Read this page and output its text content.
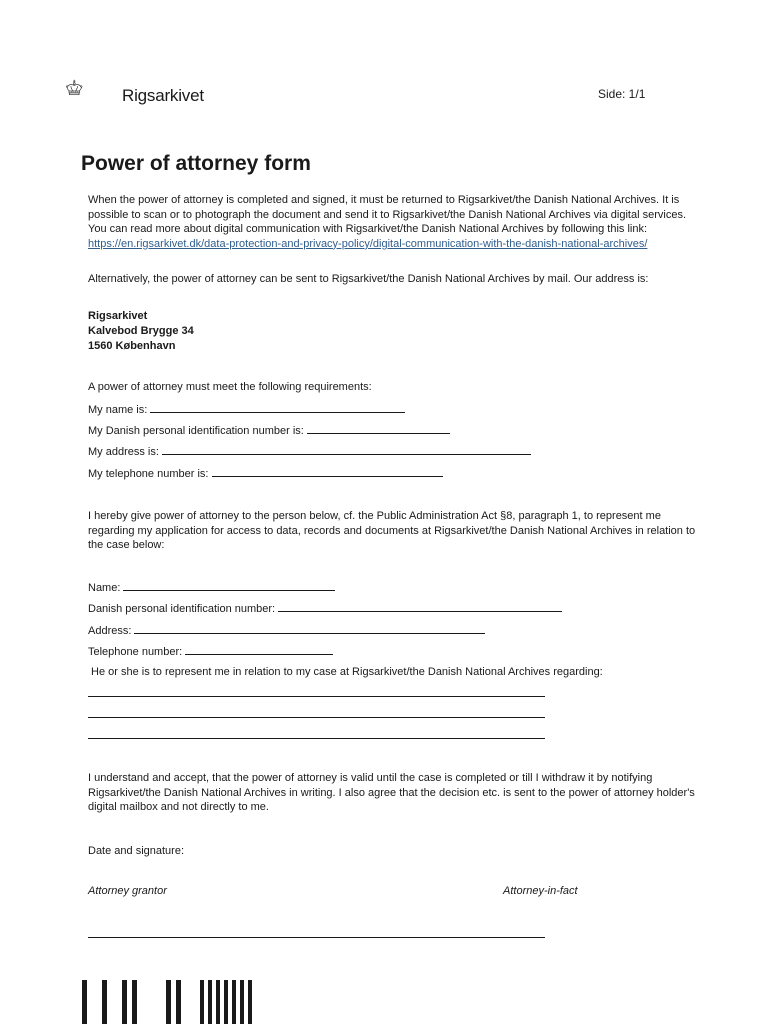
Rigsarkivet	Side: 1/1
Power of attorney form

When the power of attorney is completed and signed, it must be returned to Rigsarkivet/the Danish National Archives. It is possible to scan or to photograph the document and send it to Rigsarkivet/the Danish National Archives via digital services. You can read more about digital communication with Rigsarkivet/the Danish National Archives by following this link: https://en.rigsarkivet.dk/data-protection-and-privacy-policy/digital-communication-with-the-danish-national-archives/

Alternatively, the power of attorney can be sent to Rigsarkivet/the Danish National Archives by mail. Our address is:

Rigsarkivet
Kalvebod Brygge 34
1560 København
A power of attorney must meet the following requirements:
My name is:
My Danish personal identification number is:
My address is:
My telephone number is:

I hereby give power of attorney to the person below, cf. the Public Administration Act §8, paragraph 1, to represent me regarding my application for access to data, records and documents at Rigsarkivet/the Danish National Archives in relation to the case below:

Name:
Danish personal identification number:
Address:
Telephone number:
He or she is to represent me in relation to my case at Rigsarkivet/the Danish National Archives regarding:

I understand and accept, that the power of attorney is valid until the case is completed or till I withdraw it by notifying Rigsarkivet/the Danish National Archives in writing. I also agree that the decision etc. is sent to the power of attorney holder's digital mailbox and not directly to me.

Date and signature:
Attorney grantor	Attorney-in-fact
